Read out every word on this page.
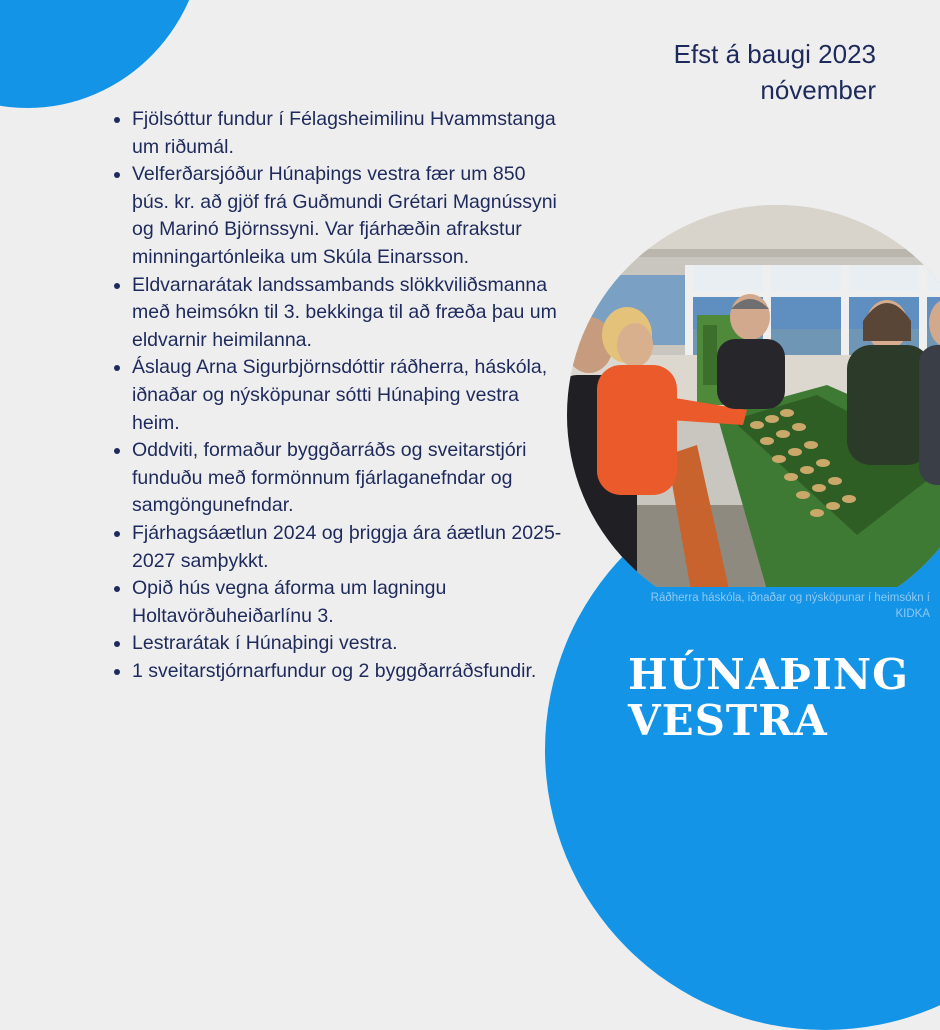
Efst á baugi 2023
nóvember
• Fjölsóttur fundur í Félagsheimilinu Hvammstanga um riðumál.
• Velferðarsjóður Húnaþings vestra fær um 850 þús. kr. að gjöf frá Guðmundi Grétari Magnússyni og Marinó Björnssyni. Var fjárhæðin afrakstur minningartónleika um Skúla Einarsson.
• Eldvarnarátak landssambands slökkviliðsmanna með heimsókn til 3. bekkinga til að fræða þau um eldvarnir heimilanna.
• Áslaug Arna Sigurbjörnsdóttir ráðherra, háskóla, iðnaðar og nýsköpunar sótti Húnaþing vestra heim.
• Oddviti, formaður byggðarráðs og sveitarstjóri funduðu með formönnum fjárlaganefndar og samgöngunefndar.
• Fjárhagsáætlun 2024 og þriggja ára áætlun 2025-2027 samþykkt.
• Opið hús vegna áforma um lagningu Holtavörðuheiðarlínu 3.
• Lestrarátak í Húnaþingi vestra.
• 1 sveitarstjórnarfundur og 2 byggðarráðsfundir.
Ráðherra háskóla, iðnaðar og nýsköpunar í heimsókn í KIDKA
HÚNAÞING
VESTRA
